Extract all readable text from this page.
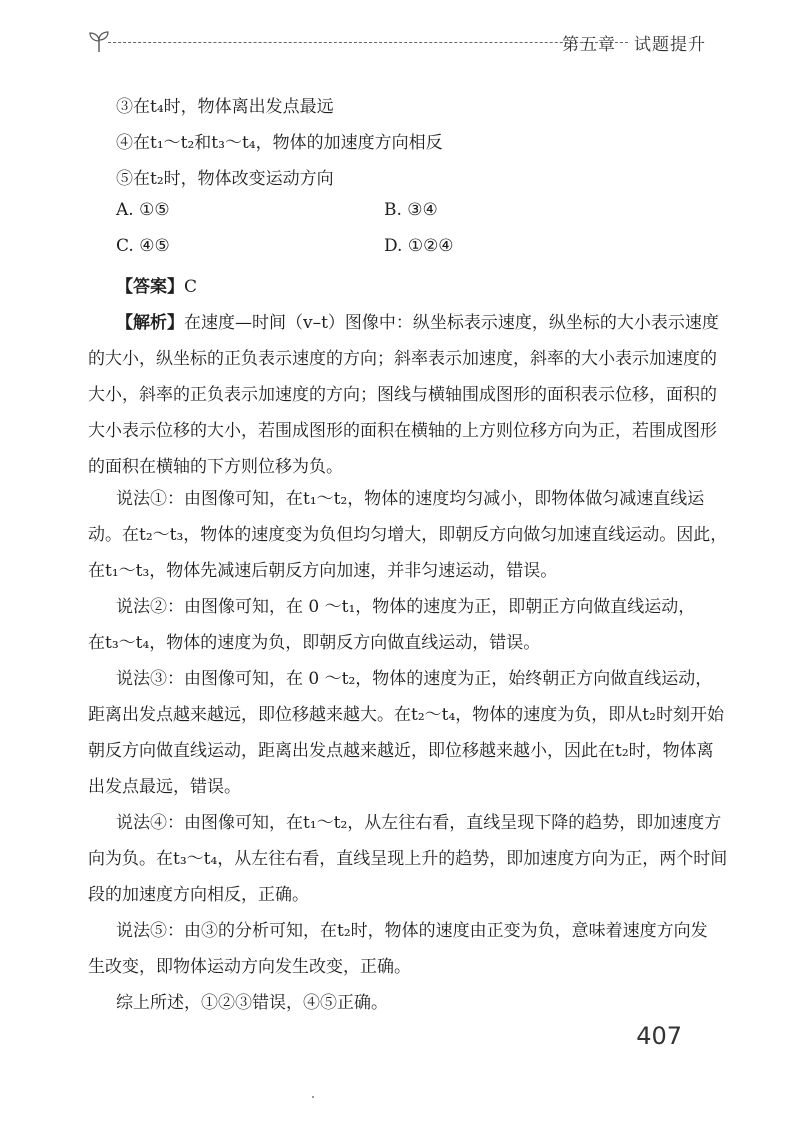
第五章 试题提升
③在t₄时，物体离出发点最远
④在t₁～t₂和t₃～t₄，物体的加速度方向相反
⑤在t₂时，物体改变运动方向
A. ①⑤	B. ③④
C. ④⑤	D. ①②④
【答案】C
【解析】在速度—时间（v–t）图像中：纵坐标表示速度，纵坐标的大小表示速度
的大小，纵坐标的正负表示速度的方向；斜率表示加速度，斜率的大小表示加速度的
大小，斜率的正负表示加速度的方向；图线与横轴围成图形的面积表示位移，面积的
大小表示位移的大小，若围成图形的面积在横轴的上方则位移方向为正，若围成图形
的面积在横轴的下方则位移为负。
说法①：由图像可知，在t₁～t₂，物体的速度均匀减小，即物体做匀减速直线运
动。在t₂～t₃，物体的速度变为负但均匀增大，即朝反方向做匀加速直线运动。因此，
在t₁～t₃，物体先减速后朝反方向加速，并非匀速运动，错误。
说法②：由图像可知，在 0 ～t₁，物体的速度为正，即朝正方向做直线运动，
在t₃～t₄，物体的速度为负，即朝反方向做直线运动，错误。
说法③：由图像可知，在 0 ～t₂，物体的速度为正，始终朝正方向做直线运动，
距离出发点越来越远，即位移越来越大。在t₂～t₄，物体的速度为负，即从t₂时刻开始
朝反方向做直线运动，距离出发点越来越近，即位移越来越小，因此在t₂时，物体离
出发点最远，错误。
说法④：由图像可知，在t₁～t₂，从左往右看，直线呈现下降的趋势，即加速度方
向为负。在t₃～t₄，从左往右看，直线呈现上升的趋势，即加速度方向为正，两个时间
段的加速度方向相反，正确。
说法⑤：由③的分析可知，在t₂时，物体的速度由正变为负，意味着速度方向发
生改变，即物体运动方向发生改变，正确。
综上所述，①②③错误，④⑤正确。
407
